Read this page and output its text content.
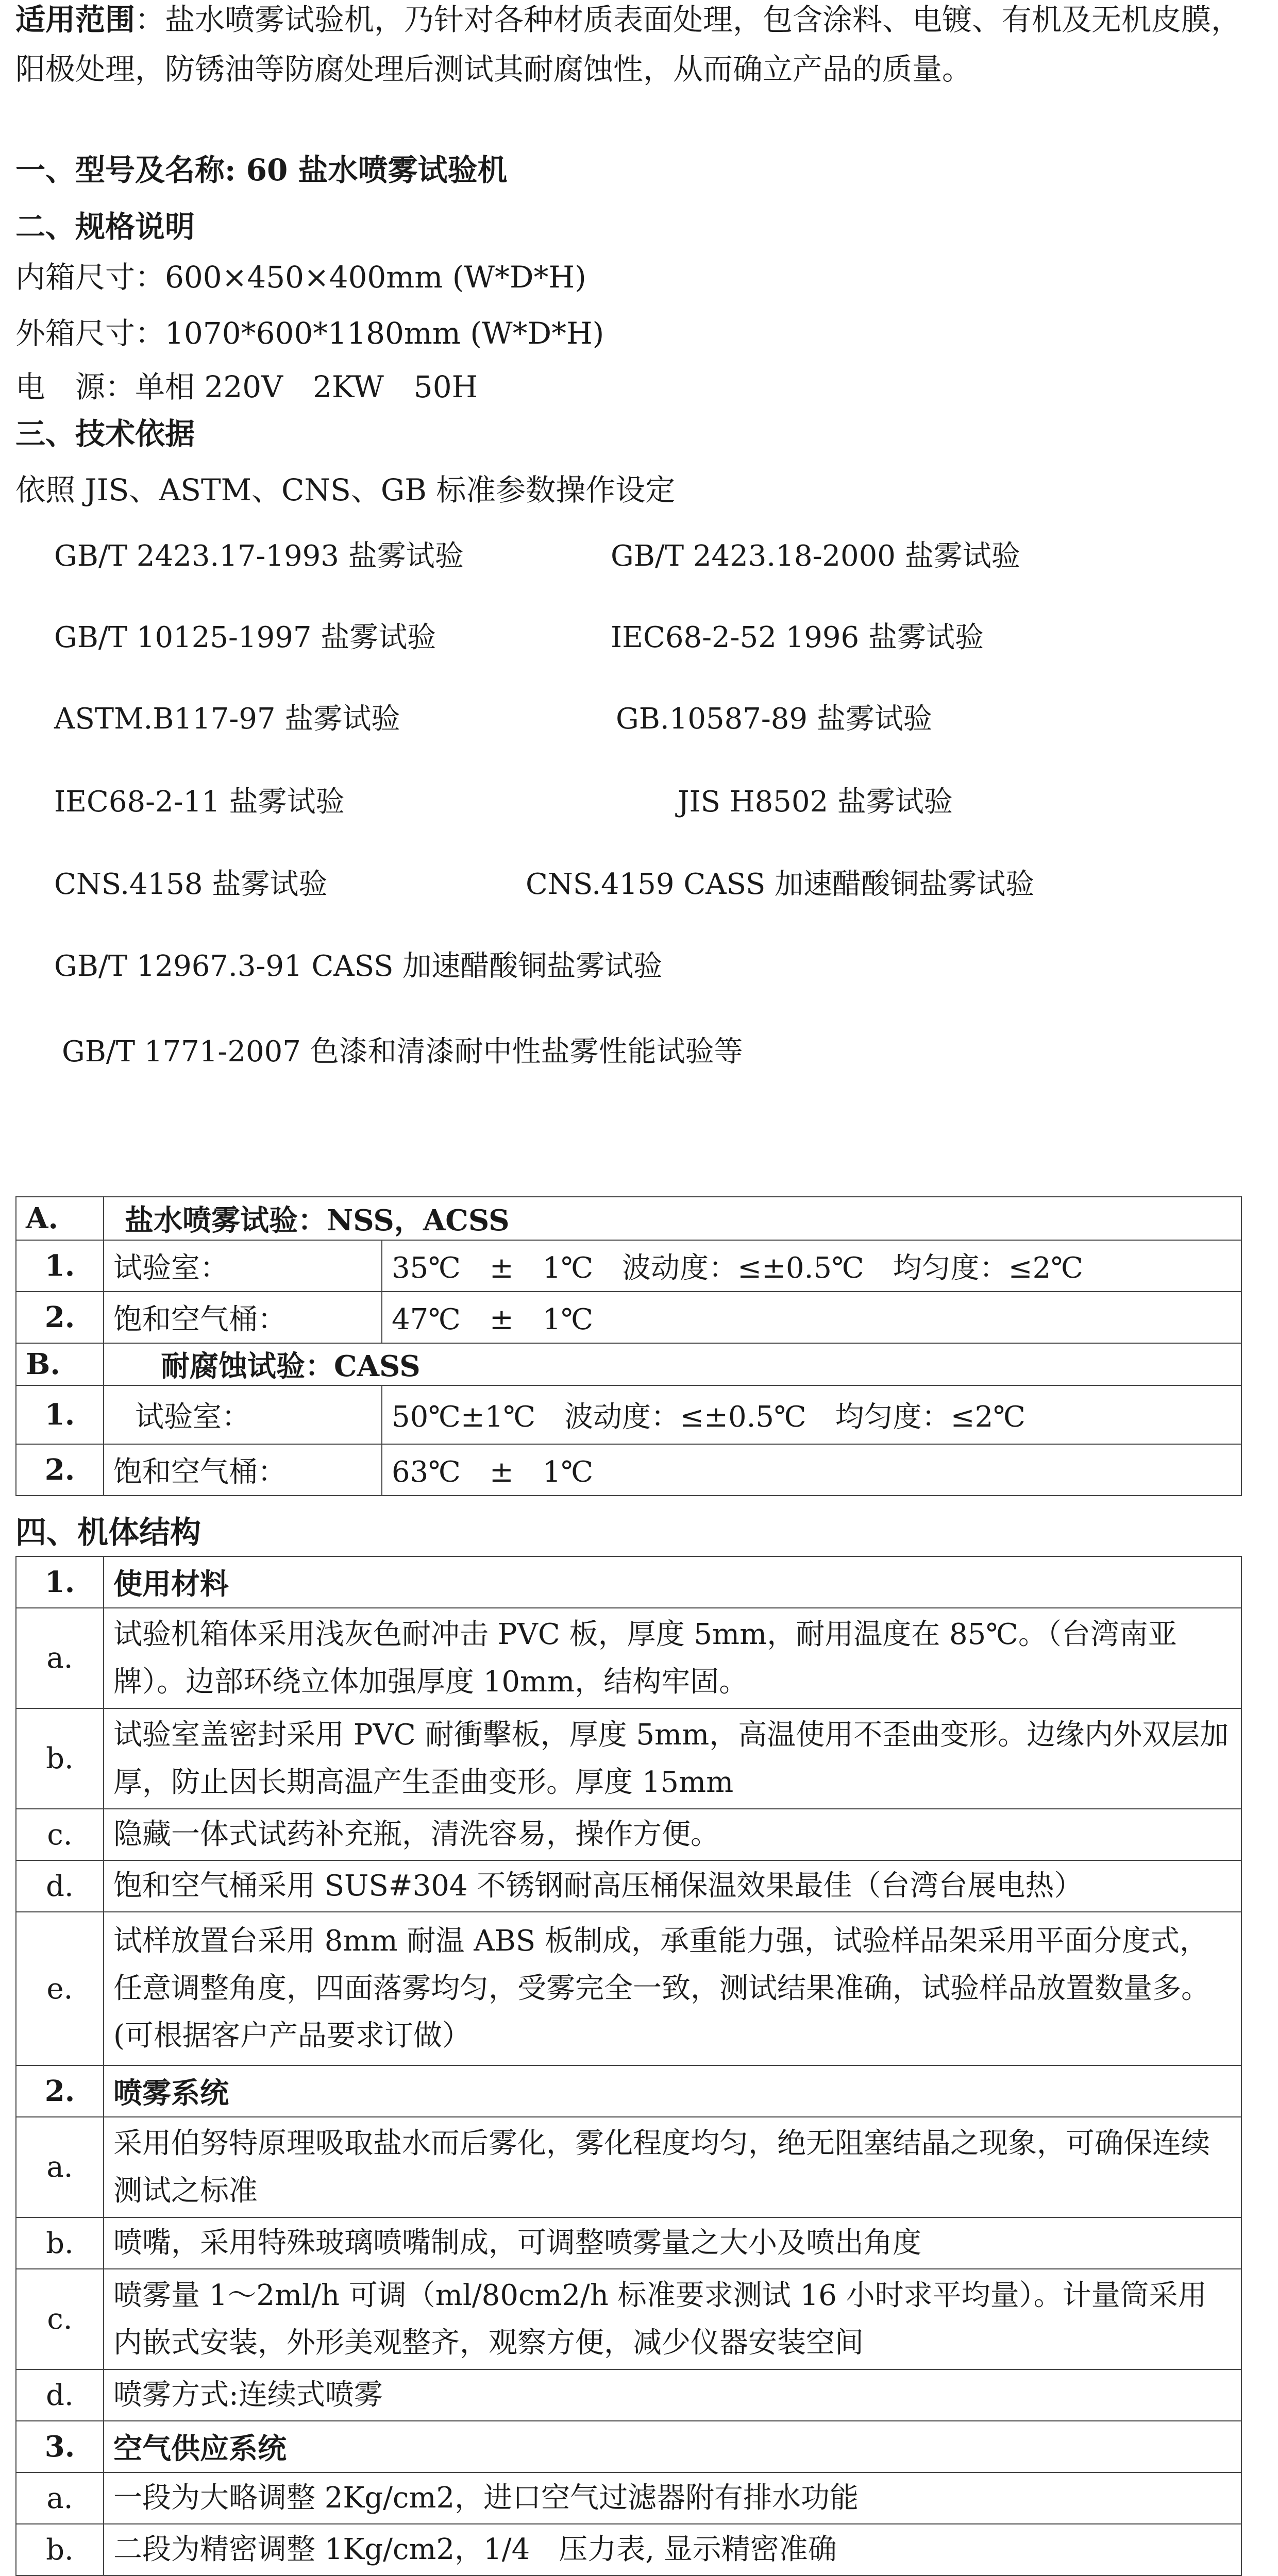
适用范围：盐水喷雾试验机，乃针对各种材质表面处理，包含涂料、电镀、有机及无机皮膜，阳极处理，防锈油等防腐处理后测试其耐腐蚀性，从而确立产品的质量。

一、型号及名称: 60 盐水喷雾试验机
二、规格说明
内箱尺寸：600×450×400mm (W*D*H)
外箱尺寸：1070*600*1180mm (W*D*H)
电　源：单相 220V　2KW　50H
三、技术依据
依照 JIS、ASTM、CNS、GB 标准参数操作设定
GB/T 2423.17-1993 盐雾试验	GB/T 2423.18-2000 盐雾试验
GB/T 10125-1997 盐雾试验	IEC68-2-52 1996 盐雾试验
ASTM.B117-97 盐雾试验	GB.10587-89 盐雾试验
IEC68-2-11 盐雾试验	JIS H8502 盐雾试验
CNS.4158 盐雾试验	CNS.4159 CASS 加速醋酸铜盐雾试验
GB/T 12967.3-91 CASS 加速醋酸铜盐雾试验
GB/T 1771-2007 色漆和清漆耐中性盐雾性能试验等
A.	盐水喷雾试验：NSS，ACSS	
1.	试验室：	35℃　±　1℃　波动度：≤±0.5℃　均匀度：≤2℃
2.	饱和空气桶：	47℃　±　1℃
B.	耐腐蚀试验：CASS	
1.	试验室：	50℃±1℃　波动度：≤±0.5℃　均匀度：≤2℃
2.	饱和空气桶：	63℃　±　1℃
四、机体结构
1.	使用材料
a.	试验机箱体采用浅灰色耐冲击 PVC 板，厚度 5mm，耐用温度在 85℃。（台湾南亚牌）。边部环绕立体加强厚度 10mm，结构牢固。
b.	试验室盖密封采用 PVC 耐衝擊板，厚度 5mm，高温使用不歪曲变形。边缘内外双层加厚，防止因长期高温产生歪曲变形。厚度 15mm
c.	隐藏一体式试药补充瓶，清洗容易，操作方便。
d.	饱和空气桶采用 SUS#304 不锈钢耐高压桶保温效果最佳（台湾台展电热）
e.	试样放置台采用 8mm 耐温 ABS 板制成，承重能力强，试验样品架采用平面分度式，任意调整角度，四面落雾均匀，受雾完全一致，测试结果准确，试验样品放置数量多。(可根据客户产品要求订做）
2.	喷雾系统
a.	采用伯努特原理吸取盐水而后雾化，雾化程度均匀，绝无阻塞结晶之现象，可确保连续测试之标准
b.	喷嘴，采用特殊玻璃喷嘴制成，可调整喷雾量之大小及喷出角度
c.	喷雾量 1～2ml/h 可调（ml/80cm2/h 标准要求测试 16 小时求平均量）。计量筒采用内嵌式安装，外形美观整齐，观察方便，减少仪器安装空间
d.	喷雾方式:连续式喷雾
3.	空气供应系统
a.	一段为大略调整 2Kg/cm2，进口空气过滤器附有排水功能
b.	二段为精密调整 1Kg/cm2，1/4　压力表, 显示精密准确
